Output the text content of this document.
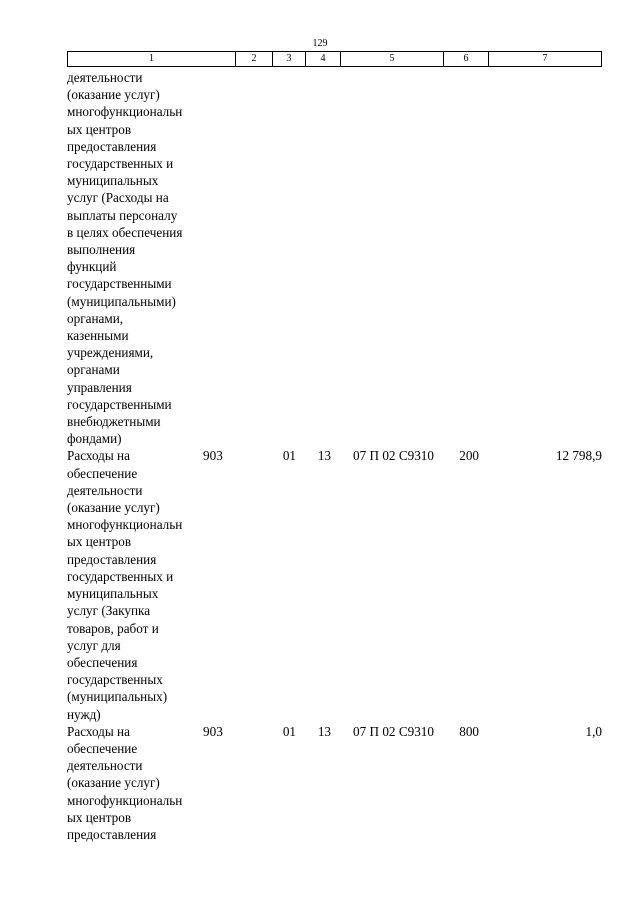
129
1	2	3	4	5	6	7
деятельности
(оказание услуг)
многофункциональн
ых центров
предоставления
государственных и
муниципальных
услуг (Расходы на
выплаты персоналу
в целях обеспечения
выполнения
функций
государственными
(муниципальными)
органами,
казенными
учреждениями,
органами
управления
государственными
внебюджетными
фондами)
Расходы на
обеспечение
деятельности
(оказание услуг)
многофункциональн
ых центров
предоставления
государственных и
муниципальных
услуг (Закупка
товаров, работ и
услуг для
обеспечения
государственных
(муниципальных)
нужд)
903	01	13	07 П 02 С9310	200	12 798,9
Расходы на
обеспечение
деятельности
(оказание услуг)
многофункциональн
ых центров
предоставления
903	01	13	07 П 02 С9310	800	1,0
